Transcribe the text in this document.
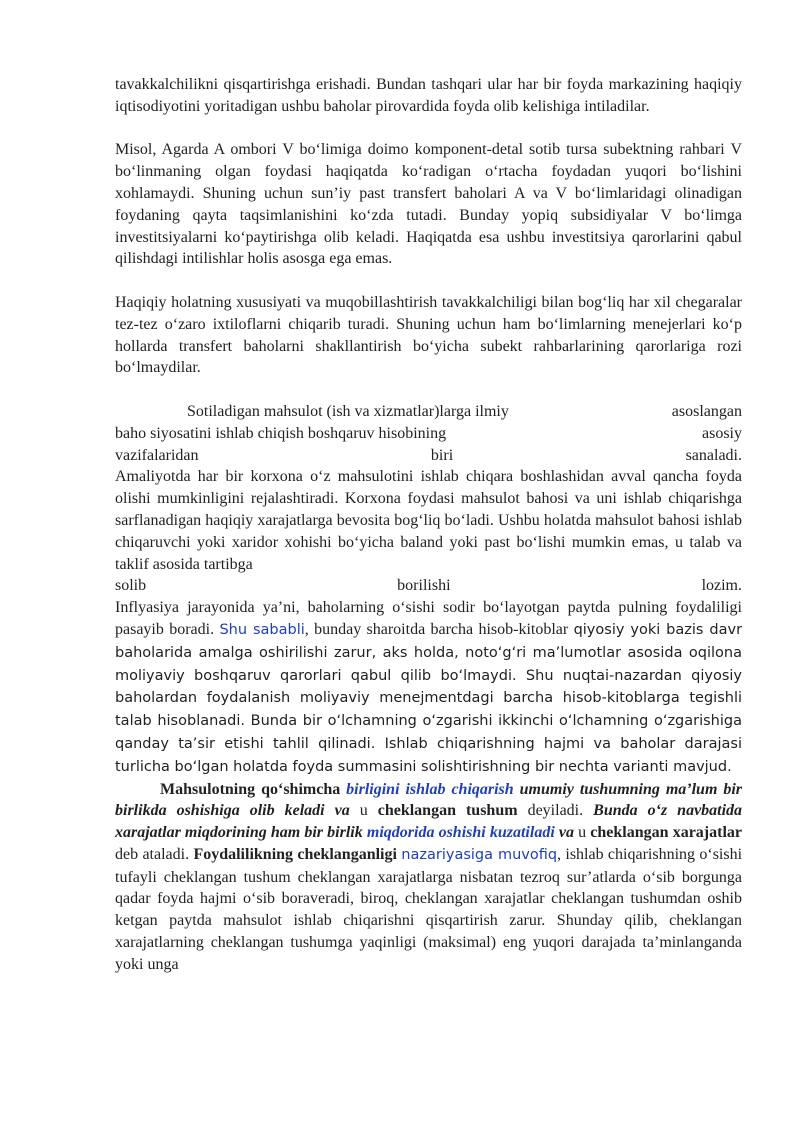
tavakkalchilikni qisqartirishga erishadi. Bundan tashqari ular har bir foyda markazining haqiqiy iqtisodiyotini yoritadigan ushbu baholar pirovardida foyda olib kelishiga intiladilar.

Misol, Agarda A ombori V bo‘limiga doimo komponent-detal sotib tursa subektning rahbari V bo‘linmaning olgan foydasi haqiqatda ko‘radigan o‘rtacha foydadan yuqori bo‘lishini xohlamaydi. Shuning uchun sun’iy past transfert baholari A va V bo‘limlaridagi olinadigan foydaning qayta taqsimlanishini ko‘zda tutadi. Bunday yopiq subsidiyalar V bo‘limga investitsiyalarni ko‘paytirishga olib keladi. Haqiqatda esa ushbu investitsiya qarorlarini qabul qilishdagi intilishlar holis asosga ega emas.

Haqiqiy holatning xususiyati va muqobillashtirish tavakkalchiligi bilan bog‘liq har xil chegaralar tez-tez o‘zaro ixtiloflarni chiqarib turadi. Shuning uchun ham bo‘limlarning menejerlari ko‘p hollarda transfert baholarni shakllantirish bo‘yicha subekt rahbarlarining qarorlariga rozi bo‘lmaydilar.

Sotiladigan mahsulot (ish va xizmatlar)larga ilmiy	asoslangan
baho siyosatini ishlab chiqish boshqaruv hisobining	asosiy
vazifalaridan	biri	sanaladi.

Amaliyotda har bir korxona o‘z mahsulotini ishlab chiqara boshlashidan avval qancha foyda olishi mumkinligini rejalashtiradi. Korxona foydasi mahsulot bahosi va uni ishlab chiqarishga sarflanadigan haqiqiy xarajatlarga bevosita bog‘liq bo‘ladi. Ushbu holatda mahsulot bahosi ishlab chiqaruvchi yoki xaridor xohishi bo‘yicha baland yoki past bo‘lishi mumkin emas, u talab va taklif asosida tartibga

solib	borilishi	lozim.

Inflyasiya jarayonida ya’ni, baholarning o‘sishi sodir bo‘layotgan paytda pulning foydaliligi pasayib boradi. Shu sababli, bunday sharoitda barcha hisob-kitoblar qiyosiy yoki bazis davr baholarida amalga oshirilishi zarur, aks holda, noto‘g‘ri ma’lumotlar asosida oqilona moliyaviy boshqaruv qarorlari qabul qilib bo‘lmaydi. Shu nuqtai-nazardan qiyosiy baholardan foydalanish moliyaviy menejmentdagi barcha hisob-kitoblarga tegishli talab hisoblanadi. Bunda bir o‘lchamning o‘zgarishi ikkinchi o‘lchamning o‘zgarishiga qanday ta’sir etishi tahlil qilinadi. Ishlab chiqarishning hajmi va baholar darajasi turlicha bo‘lgan holatda foyda summasini solishtirishning bir nechta varianti mavjud.

Mahsulotning qo‘shimcha birligini ishlab chiqarish umumiy tushumning ma’lum bir birlikda oshishiga olib keladi va u cheklangan tushum deyiladi. Bunda o‘z navbatida xarajatlar miqdorining ham bir birlik miqdorida oshishi kuzatiladi va u cheklangan xarajatlar deb ataladi. Foydalilikning cheklanganligi nazariyasiga muvofiq, ishlab chiqarishning o‘sishi tufayli cheklangan tushum cheklangan xarajatlarga nisbatan tezroq sur’atlarda o‘sib borgunga qadar foyda hajmi o‘sib boraveradi, biroq, cheklangan xarajatlar cheklangan tushumdan oshib ketgan paytda mahsulot ishlab chiqarishni qisqartirish zarur. Shunday qilib, cheklangan xarajatlarning cheklangan tushumga yaqinligi (maksimal) eng yuqori darajada ta’minlanganda yoki unga
